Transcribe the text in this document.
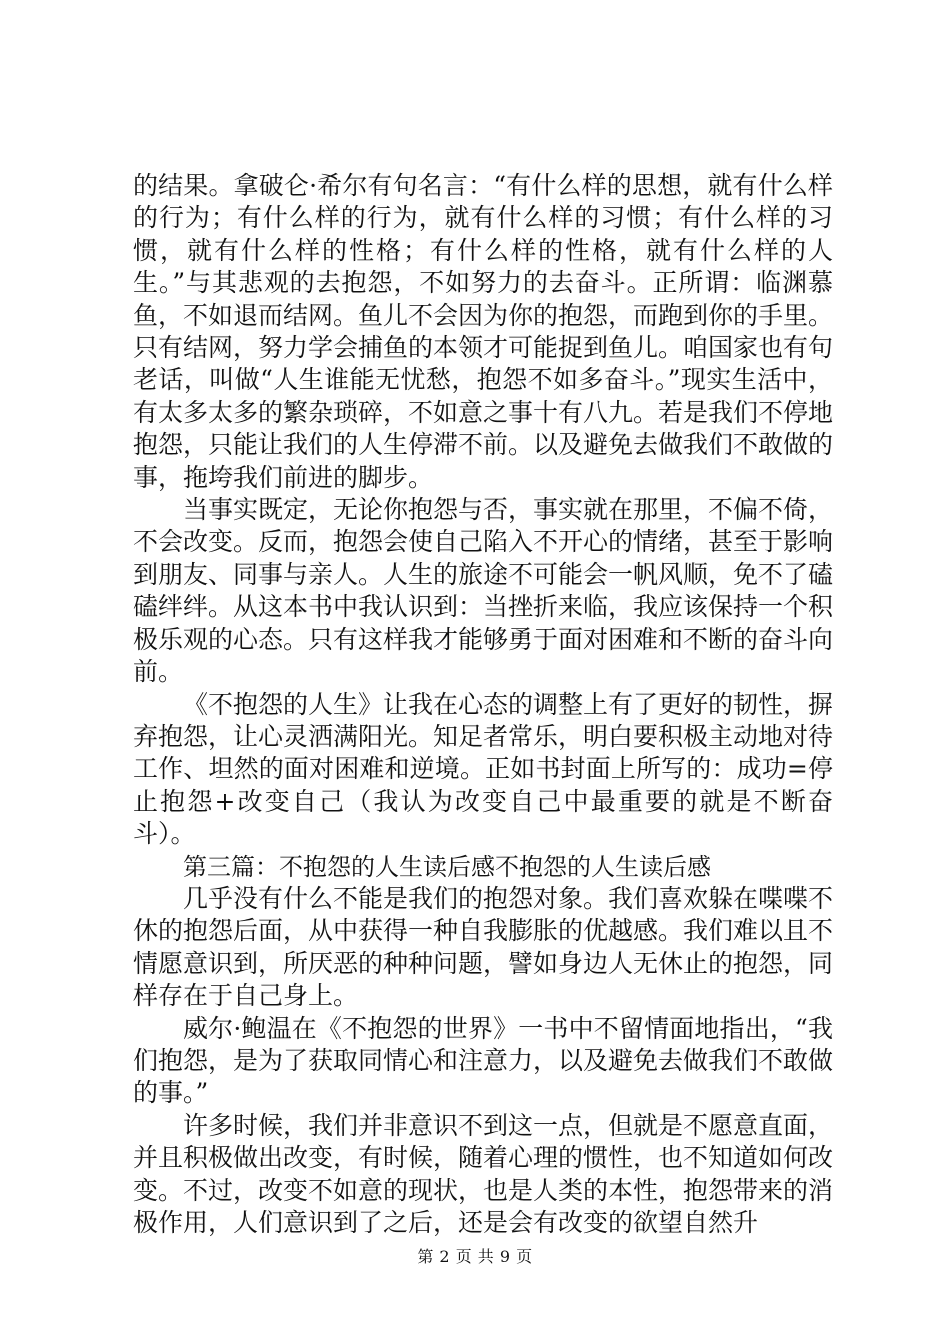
的结果。拿破仑·希尔有句名言：“有什么样的思想，就有什么样的行为；有什么样的行为，就有什么样的习惯；有什么样的习惯，就有什么样的性格；有什么样的性格，就有什么样的人生。”与其悲观的去抱怨，不如努力的去奋斗。正所谓：临渊慕鱼，不如退而结网。鱼儿不会因为你的抱怨，而跑到你的手里。只有结网，努力学会捕鱼的本领才可能捉到鱼儿。咱国家也有句老话，叫做“人生谁能无忧愁，抱怨不如多奋斗。”现实生活中，有太多太多的繁杂琐碎，不如意之事十有八九。若是我们不停地抱怨，只能让我们的人生停滞不前。以及避免去做我们不敢做的事，拖垮我们前进的脚步。

当事实既定，无论你抱怨与否，事实就在那里，不偏不倚，不会改变。反而，抱怨会使自己陷入不开心的情绪，甚至于影响到朋友、同事与亲人。人生的旅途不可能会一帆风顺，免不了磕磕绊绊。从这本书中我认识到：当挫折来临，我应该保持一个积极乐观的心态。只有这样我才能够勇于面对困难和不断的奋斗向前。

《不抱怨的人生》让我在心态的调整上有了更好的韧性，摒弃抱怨，让心灵洒满阳光。知足者常乐，明白要积极主动地对待工作、坦然的面对困难和逆境。正如书封面上所写的：成功=停止抱怨+改变自己（我认为改变自己中最重要的就是不断奋斗）。

第三篇：不抱怨的人生读后感不抱怨的人生读后感

几乎没有什么不能是我们的抱怨对象。我们喜欢躲在喋喋不休的抱怨后面，从中获得一种自我膨胀的优越感。我们难以且不情愿意识到，所厌恶的种种问题，譬如身边人无休止的抱怨，同样存在于自己身上。

威尔·鲍温在《不抱怨的世界》一书中不留情面地指出，“我们抱怨，是为了获取同情心和注意力，以及避免去做我们不敢做的事。”

许多时候，我们并非意识不到这一点，但就是不愿意直面，并且积极做出改变，有时候，随着心理的惯性，也不知道如何改变。不过，改变不如意的现状，也是人类的本性，抱怨带来的消极作用，人们意识到了之后，还是会有改变的欲望自然升

第 2 页 共 9 页
